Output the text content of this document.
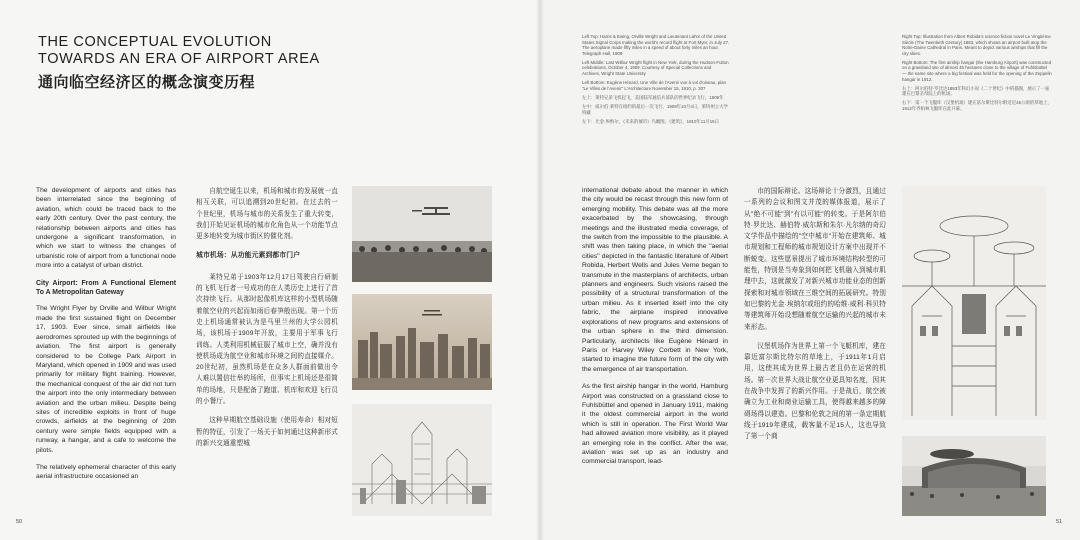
THE CONCEPTUAL EVOLUTION
TOWARDS AN ERA OF AIRPORT AREA
通向临空经济区的概念演变历程

Left Top: Harris & Ewing, Orville Wright and Lieutenant Lahm of the United States Signal Corps making the world's record flight at Fort Myer, in July 27. The aeroplane made fifty miles in a speed of about forty miles an hour. Telegraph Hall, 1909

Left Middle: Last Wilbur Wright flight in New York, during the Hudson-Fulton celebrations, October 4, 1909. Courtesy of Special Collections and Archives, Wright State University

Left Bottom: Eugène Hénard, Une Ville de l'Avenir vue à vol d'oiseau, plan "Le Villes de l'Avenir" L'Architecture November 15, 1910, p. 307

左上：莱特兄弟飞机起飞，美国陆军通信兵部队的世界纪录飞行，1909年

左中：威尔伯·莱特在纽约的最后一次飞行，1909年10月4日，莱特州立大学特藏

左下：尤金·埃纳尔，《未来的城市》鸟瞰图，《建筑》，1910年11月15日

Right Top: Illustration from Albert Robida's science fiction novel Le Vingtième Siècle (The Twentieth Century) 1883, which shows an airport built atop the Notre-Dame Cathedral in Paris. Meant to depict various airships that fill the city skies.

Right Bottom: The first airship hangar (the Hamburg Airport) was constructed on a grassland site of almost 45 hectares close to the village of Fuhlsbüttel — the same site where a big festival was held for the opening of the Zeppelin hangar in 1912.

右上：阿尔伯特·罗比达1883年科幻小说《二十世纪》中的插图，展示了一座建在巴黎圣母院上的机场。

右下：第一个飞艇库（汉堡机场）建在富尔斯比特尔附近近45公顷的草地上，1912年齐柏林飞艇库在此开幕。

The development of airports and cities has been interrelated since the beginning of aviation, which could be traced back to the early 20th century. Over the past century, the relationship between airports and cities has undergone a significant transformation, in which we start to witness the changes of urbanistic role of airport from a functional node more into a catalyst of urban district.

City Airport: From A Functional Element To A Metropolitan Gateway

The Wright Flyer by Orville and Wilbur Wright made the first sustained flight on December 17, 1903. Ever since, small airfields like aerodromes sprouted up with the beginnings of aviation. The first airport is generally considered to be College Park Airport in Maryland, which opened in 1909 and was used primarily for military flight training. However, the mechanical conquest of the air did not turn the airport into the only intermediary between aviation and the urban milieu. Despite being sites of incredible exploits in front of huge crowds, airfields at the beginning of 20th century were simple fields equipped with a runway, a hangar, and a cafe to welcome the pilots.

The relatively ephemeral character of this early aerial infrastructure occasioned an

自航空诞生以来，机场和城市的发展就一直相互关联，可以追溯到20世纪初。在过去的一个世纪里，机场与城市的关系发生了重大转变，我们开始见证机场的城市化角色从一个功能节点更多地转变为城市街区的催化剂。

城市机场：从功能元素到都市门户

莱特兄弟于1903年12月17日驾驶自行研制的飞机飞行者一号成功的在人类历史上进行了首次持续飞行。从那时起像机库这样的小型机场随着航空业的兴起而如雨后春笋般出现。第一个历史上机场通常被认为是马里兰州的大学公园机场，该机场于1909年开放，主要用于军事飞行训练。人类利用机械征服了城市上空，确并没有使机场成为航空业和城市环境之间的直接媒介。20世纪初，虽然机场是在众多人群面前做出令人难以置信壮举的场所，但事实上机场还是很简单的场地，只是配备了跑道、机库和欢迎飞行员的小餐厅。

这种早期航空基础设施（使用寿命）相对短暂的特征，引发了一场关于如何通过这种新形式的新兴交通重塑城

international debate about the manner in which the city would be recast through this new form of emerging mobility. This debate was all the more exacerbated by the showcasing, through meetings and the illustrated media coverage, of the switch from the impossible to the plausible. A shift was then taking place, in which the "aerial cities" depicted in the fantastic literature of Albert Robida, Herbert Wells and Jules Verne began to transmute in the masterplans of architects, urban planners and engineers. Such visions raised the possibility of a structural transformation of the urban milieu. As it inserted itself into the city fabric, the airplane inspired innovative explorations of new programs and extensions of the urban sphere in the third dimension. Particularly, architects like Eugène Hénard in Paris or Harvey Wiley Corbett in New York, started to imagine the future form of the city with the emergence of air transportation.

As the first airship hangar in the world, Hamburg Airport was constructed on a grassland close to Fuhlsbüttel and opened in January 1911, making it the oldest commercial airport in the world which is still in operation. The First World War had allowed aviation more visibility, as it played an emerging role in the conflict. After the war, aviation was set up as an industry and commercial transport, lead-

市的国际辩论。这场辩论十分激烈，且通过一系列的会议和图文并茂的媒体报道，展示了从"绝不可能"到"有以可能"的转变。于是阿尔伯特·罗比达、赫伯特·威尔斯和朱尔·凡尔纳的奇幻文学作品中描绘的"空中城市"开始在建筑师、城市规划和工程师的城市规划设计方案中出现并不断蜕变。这些愿景提出了城市环境结构转型的可能性，特别是当寿象到如何把飞机融入到城市肌理中去，这就激发了对新兴城市功能业态的创新探索和对城市领域在三维空间的拓展研究。特别如巴黎的尤金·埃纳尔或纽约的哈维·威利·科贝特等建筑师开始设想随着航空运输的兴起的城市未来形态。

汉堡机场作为世界上第一个飞艇机库，建在靠近富尔斯比特尔的草地上，于1911年1月启用，这使其成为世界上最古老且仍在运营的机场。第一次世界大战让航空业更具知名度，因其在战争中发挥了的新兴作用。于是战后，航空被确立为工业和商业运输工具，使得越来越多的障碍场得以建造。巴黎和伦敦之间的第一条定期航线于1919年建成，载客量不足15人，这也导致了第一个商

50	51
